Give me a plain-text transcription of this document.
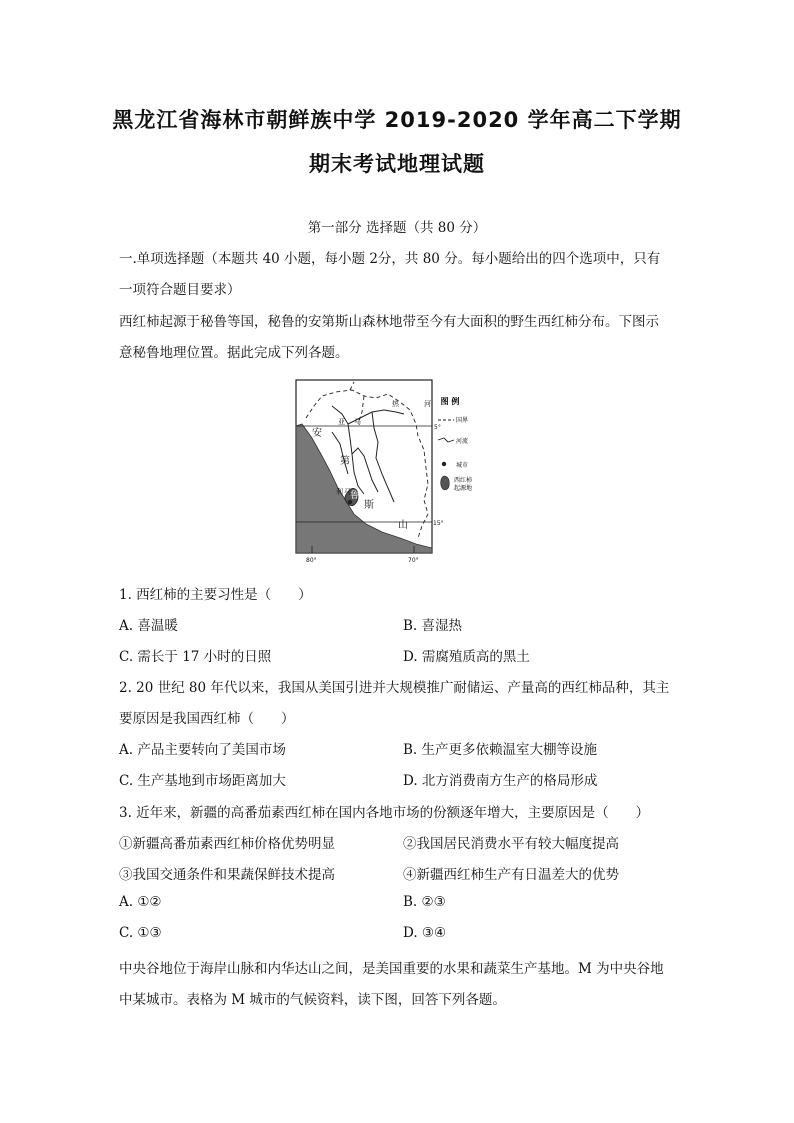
黑龙江省海林市朝鲜族中学 2019-2020 学年高二下学期
期末考试地理试题
第一部分 选择题（共 80 分）
一.单项选择题（本题共 40 小题，每小题 2分，共 80 分。每小题给出的四个选项中，只有
一项符合题目要求）
西红柿起源于秘鲁等国，秘鲁的安第斯山森林地带至今有大面积的野生西红柿分布。下图示
意秘鲁地理位置。据此完成下列各题。
安
第
斯
山
利 马 鲁
热	河
亚 马
5°
15°
80°	70°
图 例
国界
河流
城市
西红柿
起源地
1. 西红柿的主要习性是（　　）
A. 喜温暖	B. 喜湿热
C. 需长于 17 小时的日照	D. 需腐殖质高的黑土
2. 20 世纪 80 年代以来，我国从美国引进并大规模推广耐储运、产量高的西红柿品种，其主
要原因是我国西红柿（　　）
A. 产品主要转向了美国市场	B. 生产更多依赖温室大棚等设施
C. 生产基地到市场距离加大	D. 北方消费南方生产的格局形成
3. 近年来，新疆的高番茄素西红柿在国内各地市场的份额逐年增大，主要原因是（　　）
①新疆高番茄素西红柿价格优势明显	②我国居民消费水平有较大幅度提高
③我国交通条件和果蔬保鲜技术提高	④新疆西红柿生产有日温差大的优势
A. ①②	B. ②③
C. ①③	D. ③④
中央谷地位于海岸山脉和内华达山之间，是美国重要的水果和蔬菜生产基地。M 为中央谷地
中某城市。表格为 M 城市的气候资料，读下图，回答下列各题。
